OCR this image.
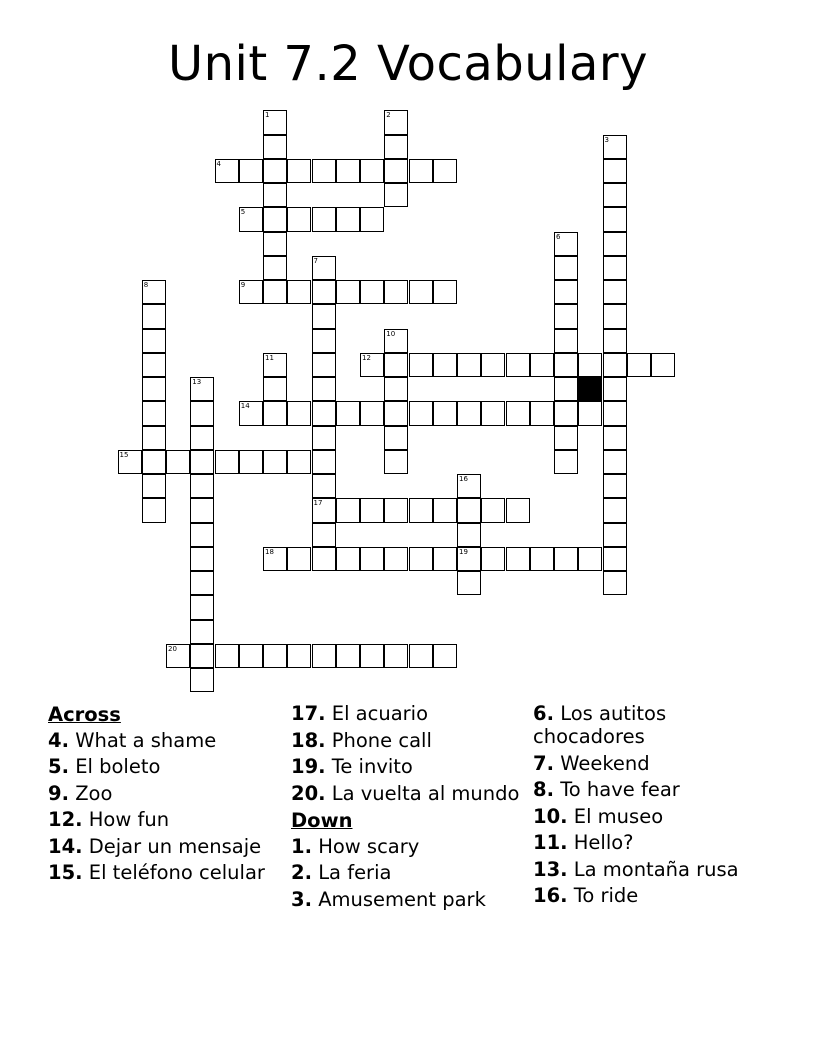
Unit 7.2 Vocabulary
1	2
3
4
5
6
7
8	9
10
11	12
13
14
15
16
17
18	19
20
Across
4. What a shame
5. El boleto
9. Zoo
12. How fun
14. Dejar un mensaje
15. El teléfono celular
17. El acuario
18. Phone call
19. Te invito
20. La vuelta al mundo
Down
1. How scary
2. La feria
3. Amusement park
6. Los autitos chocadores
7. Weekend
8. To have fear
10. El museo
11. Hello?
13. La montaña rusa
16. To ride
